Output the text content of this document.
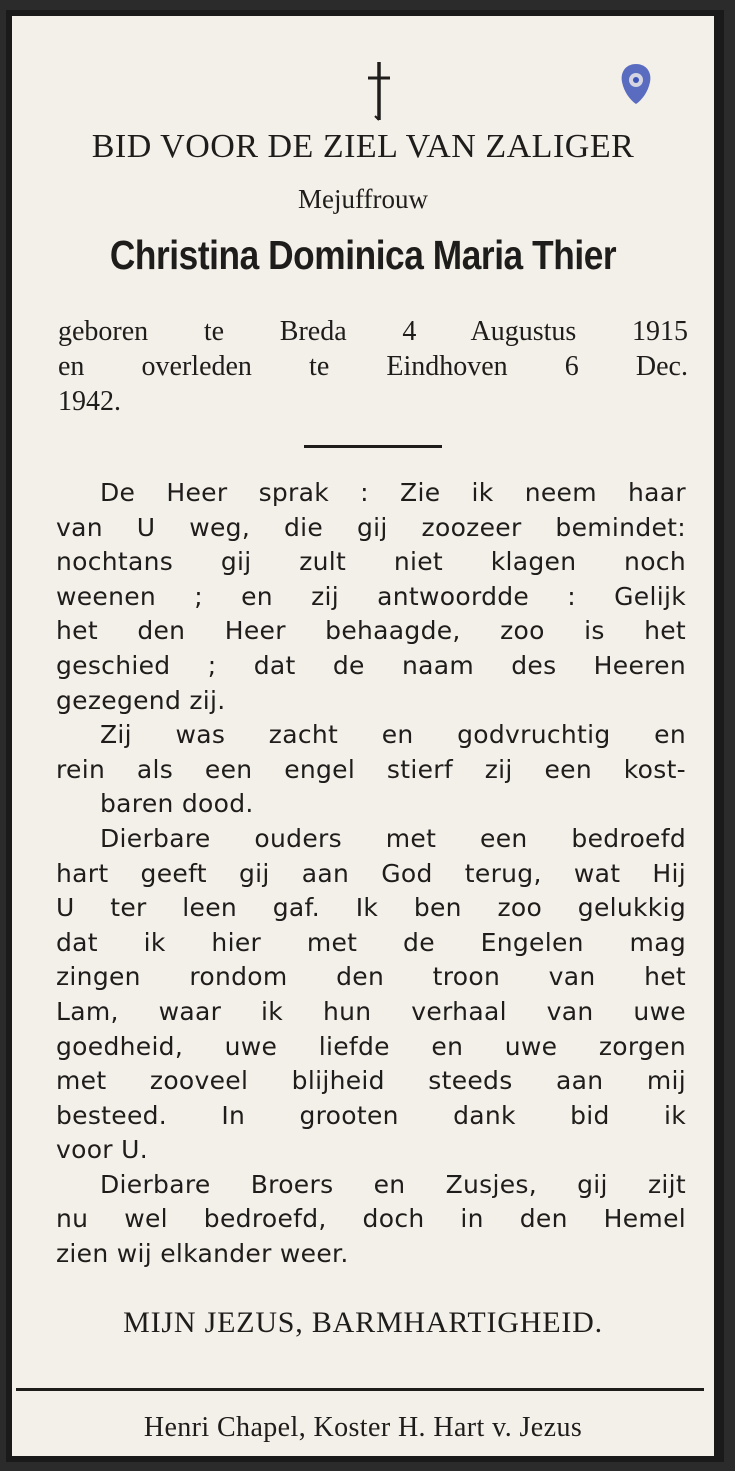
BID VOOR DE ZIEL VAN ZALIGER
Mejuffrouw
Christina Dominica Maria Thier
geboren te Breda 4 Augustus 1915
en overleden te Eindhoven 6 Dec.
1942.
De Heer sprak : Zie ik neem haar
van U weg, die gij zoozeer bemindet:
nochtans gij zult niet klagen noch
weenen ; en zij antwoordde : Gelijk
het den Heer behaagde, zoo is het
geschied ; dat de naam des Heeren
gezegend zij.
Zij was zacht en godvruchtig en
rein als een engel stierf zij een kost-
baren dood.
Dierbare ouders met een bedroefd
hart geeft gij aan God terug, wat Hij
U ter leen gaf. Ik ben zoo gelukkig
dat ik hier met de Engelen mag
zingen rondom den troon van het
Lam, waar ik hun verhaal van uwe
goedheid, uwe liefde en uwe zorgen
met zooveel blijheid steeds aan mij
besteed. In grooten dank bid ik
voor U.
Dierbare Broers en Zusjes, gij zijt
nu wel bedroefd, doch in den Hemel
zien wij elkander weer.
MIJN JEZUS, BARMHARTIGHEID.
Henri Chapel, Koster H. Hart v. Jezus
